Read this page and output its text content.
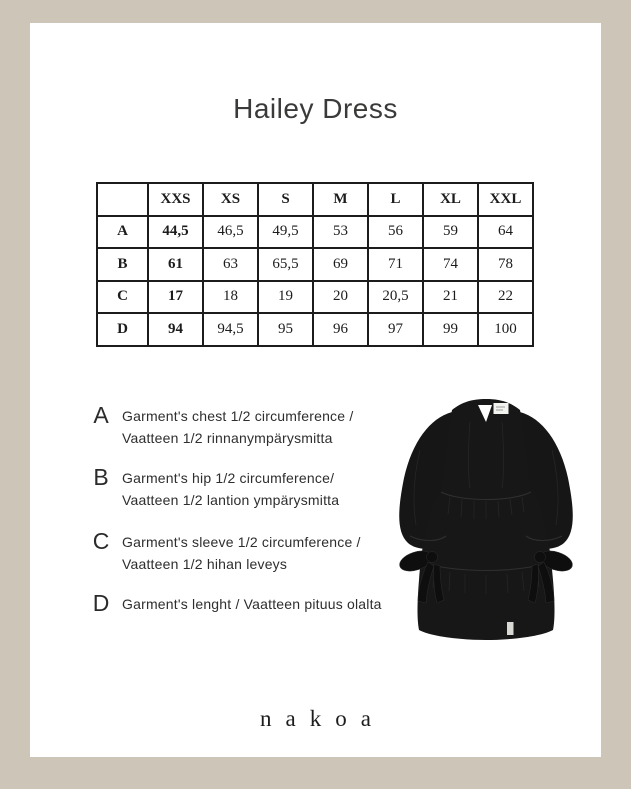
Hailey Dress
	XXS	XS	S	M	L	XL	XXL
A	44,5	46,5	49,5	53	56	59	64
B	61	63	65,5	69	71	74	78
C	17	18	19	20	20,5	21	22
D	94	94,5	95	96	97	99	100
A Garment's chest 1/2 circumference /
Vaatteen 1/2 rinnanympärysmitta
B Garment's hip 1/2 circumference/
Vaatteen 1/2 lantion ympärysmitta
C Garment's sleeve 1/2 circumference /
Vaatteen 1/2 hihan leveys
D Garment's lenght / Vaatteen pituus olalta
nakoa
